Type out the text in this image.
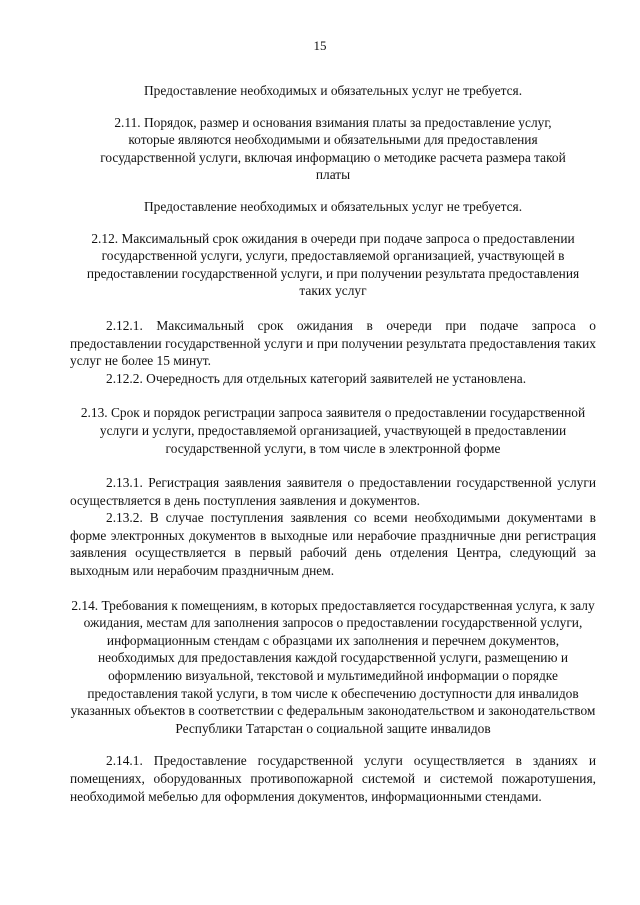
15

Предоставление необходимых и обязательных услуг не требуется.

2.11. Порядок, размер и основания взимания платы за предоставление услуг, которые являются необходимыми и обязательными для предоставления государственной услуги, включая информацию о методике расчета размера такой платы

Предоставление необходимых и обязательных услуг не требуется.

2.12. Максимальный срок ожидания в очереди при подаче запроса о предоставлении государственной услуги, услуги, предоставляемой организацией, участвующей в предоставлении государственной услуги, и при получении результата предоставления таких услуг

2.12.1. Максимальный срок ожидания в очереди при подаче запроса о предоставлении государственной услуги и при получении результата предоставления таких услуг не более 15 минут.

2.12.2. Очередность для отдельных категорий заявителей не установлена.

2.13. Срок и порядок регистрации запроса заявителя о предоставлении государственной услуги и услуги, предоставляемой организацией, участвующей в предоставлении государственной услуги, в том числе в электронной форме

2.13.1. Регистрация заявления заявителя о предоставлении государственной услуги осуществляется в день поступления заявления и документов.

2.13.2. В случае поступления заявления со всеми необходимыми документами в форме электронных документов в выходные или нерабочие праздничные дни регистрация заявления осуществляется в первый рабочий день отделения Центра, следующий за выходным или нерабочим праздничным днем.

2.14. Требования к помещениям, в которых предоставляется государственная услуга, к залу ожидания, местам для заполнения запросов о предоставлении государственной услуги, информационным стендам с образцами их заполнения и перечнем документов, необходимых для предоставления каждой государственной услуги, размещению и оформлению визуальной, текстовой и мультимедийной информации о порядке предоставления такой услуги, в том числе к обеспечению доступности для инвалидов указанных объектов в соответствии с федеральным законодательством и законодательством Республики Татарстан о социальной защите инвалидов

2.14.1. Предоставление государственной услуги осуществляется в зданиях и помещениях, оборудованных противопожарной системой и системой пожаротушения, необходимой мебелью для оформления документов, информационными стендами.
